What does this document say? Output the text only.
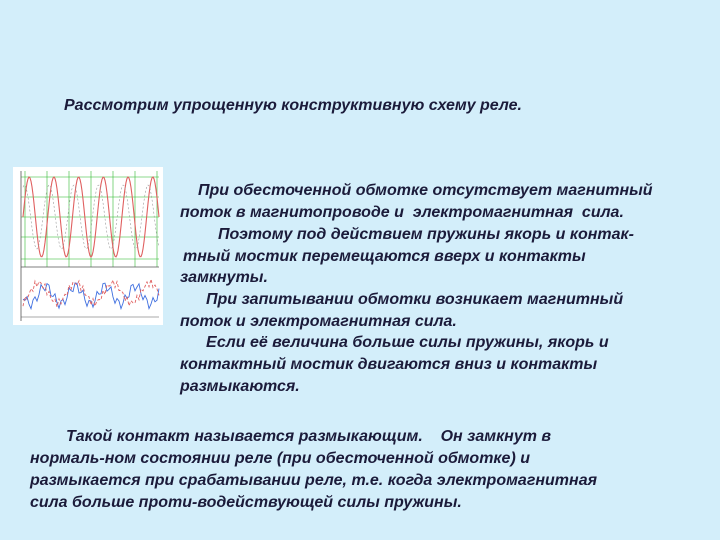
Рассмотрим упрощенную конструктивную схему реле.
При обесточенной обмотке отсутствует магнитный
поток в магнитопроводе и  электромагнитная  сила.
Поэтому под действием пружины якорь и контак-
тный мостик перемещаются вверх и контакты
замкнуты.
При запитывании обмотки возникает магнитный
поток и электромагнитная сила.
Если её величина больше силы пружины, якорь и
контактный мостик двигаются вниз и контакты
размыкаются.
Такой контакт называется размыкающим.    Он замкнут в
нормаль-ном состоянии реле (при обесточенной обмотке) и
размыкается при срабатывании реле, т.е. когда электромагнитная
сила больше проти-водействующей силы пружины.
